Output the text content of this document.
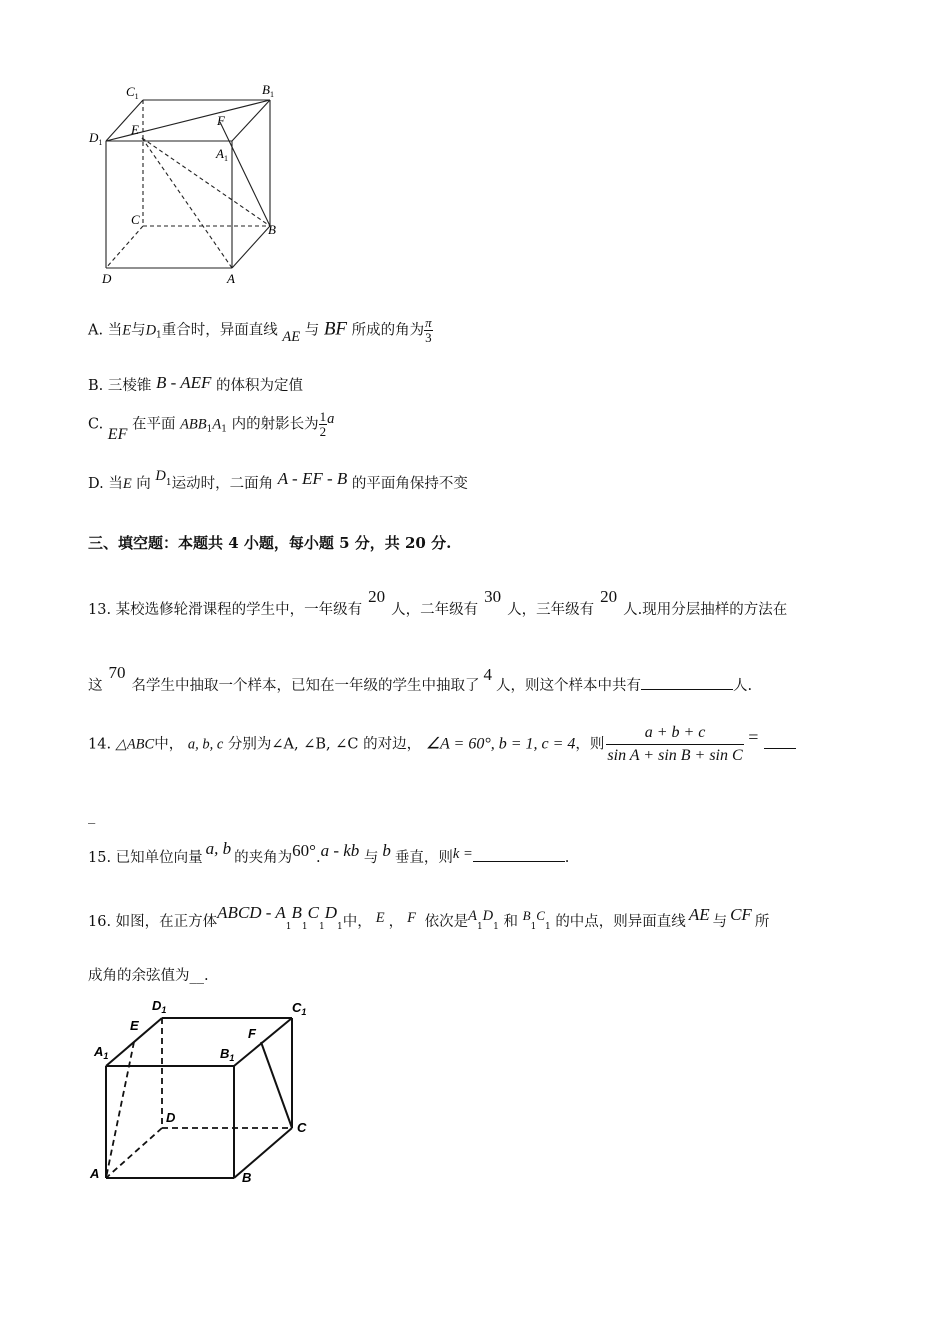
$C_1$	$B_1$
$D_1$
E
F
$A_1$
C
B
D	A
A. 当E与$D_1$重合时，异面直线 AE 与 BF 所成的角为 $\frac{\pi}{3}$
B. 三棱锥 B - AEF 的体积为定值
C. EF 在平面 $ABB_1A_1$ 内的射影长为 $\frac{1}{2}$ a
D. 当E 向 $D^1$运动时，二面角 A - EF - B 的平面角保持不变
三、填空题：本题共 4 小题，每小题 5 分，共 20 分.
13. 某校选修轮滑课程的学生中，一年级有20人，二年级有30人，三年级有20人.现用分层抽样的方法在
这70名学生中抽取一个样本，已知在一年级的学生中抽取了4人，则这个样本中共有	人.
14. △ABC中， a, b, c 分别为∠A, ∠B, ∠C 的对边， ∠A = 60°, b = 1, c = 4，则 $\frac{a + b + c}{\text{sin A + sin B + sin C}}$ =
_
15. 已知单位向量 a, b 的夹角为60°.a - kb 与 b 垂直，则k =	.
16. 如图，在正方体ABCD - $A_1B_1C_1D_1$中， E ， F 依次是$A_1D_1$ 和 $B_1C_1$ 的中点，则异面直线 AE 与 CF 所
成角的余弦值为__.
$D_1$	$C_1$
E
F
$A_1$	$B_1$
D
C
A	B
